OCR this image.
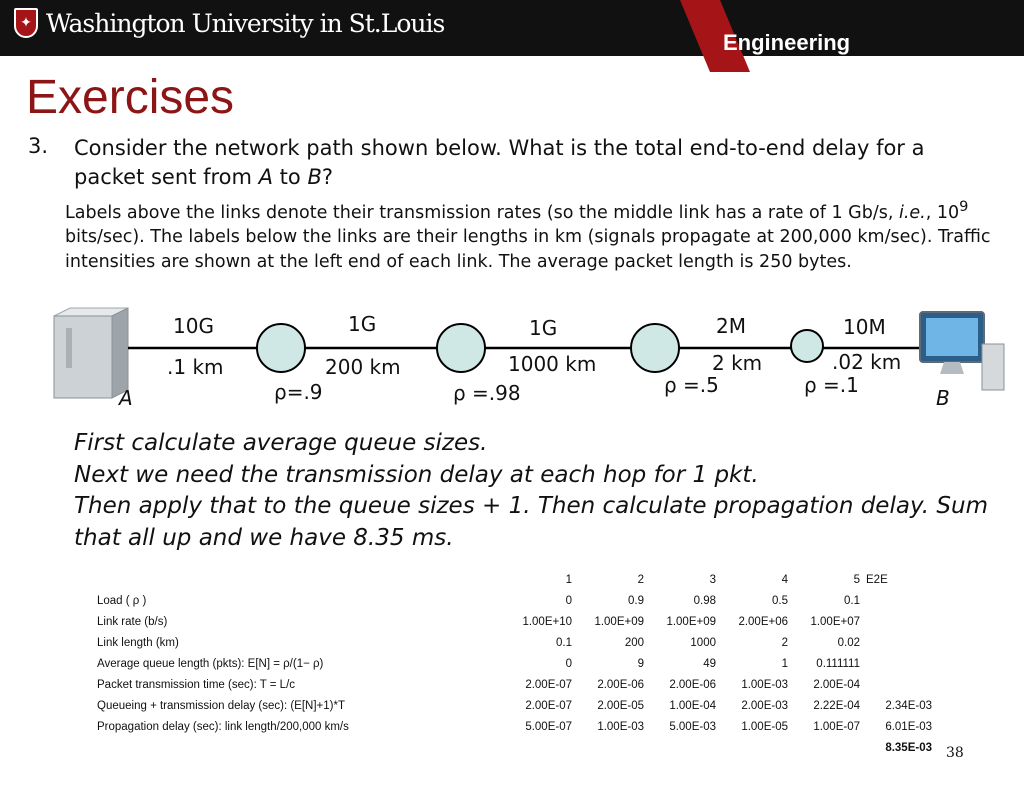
✦ Washington University in St.Louis
Engineering
Exercises
3. Consider the network path shown below. What is the total end-to-end delay for a packet sent from A to B?
Labels above the links denote their transmission rates (so the middle link has a rate of 1 Gb/s, i.e., $10^9$ bits/sec). The labels below the links are their lengths in km (signals propagate at 200,000 km/sec). Traffic intensities are shown at the left end of each link. The average packet length is 250 bytes.
10G	1G	1G	2M	10M
.1 km	200 km	1000 km	2 km	.02 km
ρ=.9	ρ =.98	ρ =.5	ρ =.1
A	B
First calculate average queue sizes.
Next we need the transmission delay at each hop for 1 pkt.
Then apply that to the queue sizes + 1. Then calculate propagation delay. Sum that all up and we have 8.35 ms.
	1	2	3	4	5	E2E
Load ( ρ )	0	0.9	0.98	0.5	0.1	
Link rate (b/s)	1.00E+10	1.00E+09	1.00E+09	2.00E+06	1.00E+07	
Link length (km)	0.1	200	1000	2	0.02	
Average queue length (pkts): E[N] = ρ/(1− ρ)	0	9	49	1	0.111111	
Packet transmission time (sec): T = L/c	2.00E-07	2.00E-06	2.00E-06	1.00E-03	2.00E-04	
Queueing + transmission delay (sec): (E[N]+1)*T	2.00E-07	2.00E-05	1.00E-04	2.00E-03	2.22E-04	2.34E-03
Propagation delay (sec): link length/200,000 km/s	5.00E-07	1.00E-03	5.00E-03	1.00E-05	1.00E-07	6.01E-03
						8.35E-03 38
